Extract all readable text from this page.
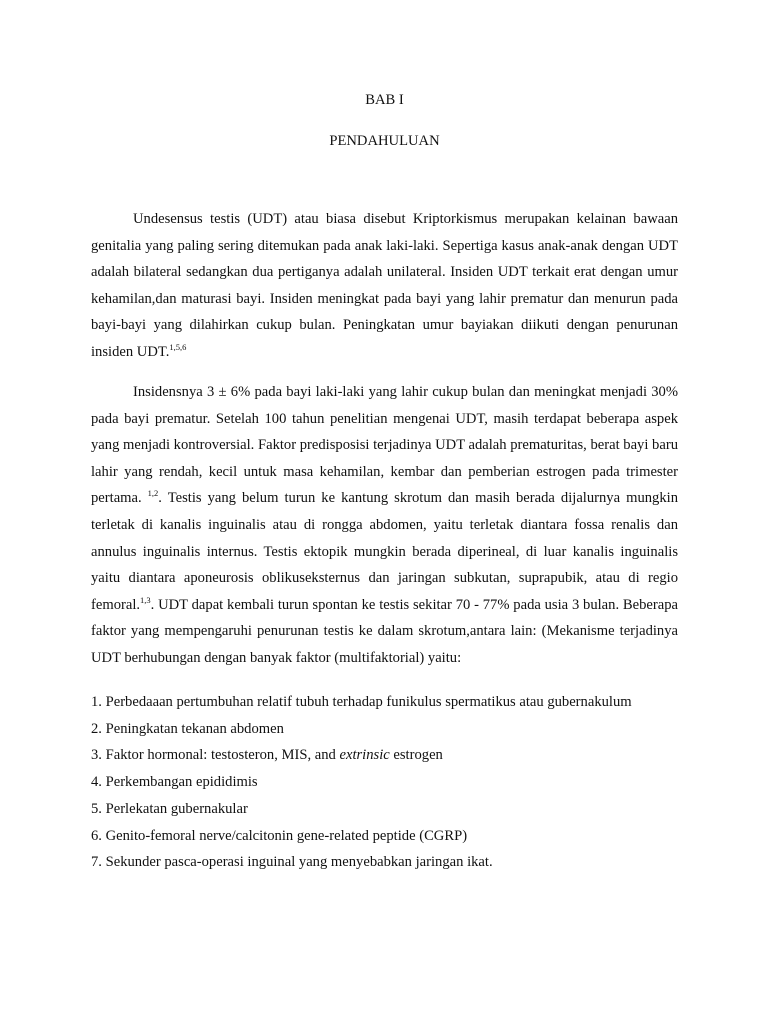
BAB I
PENDAHULUAN

Undesensus testis (UDT) atau biasa disebut Kriptorkismus merupakan kelainan bawaan genitalia yang paling sering ditemukan pada anak laki-laki. Sepertiga kasus anak-anak dengan UDT adalah bilateral sedangkan dua pertiganya adalah unilateral. Insiden UDT terkait erat dengan umur kehamilan,dan maturasi bayi. Insiden meningkat pada bayi yang lahir prematur dan menurun pada bayi-bayi yang dilahirkan cukup bulan. Peningkatan umur bayiakan diikuti dengan penurunan insiden UDT.$^{1,5,6}$

Insidensnya 3 ± 6% pada bayi laki-laki yang lahir cukup bulan dan meningkat menjadi 30% pada bayi prematur. Setelah 100 tahun penelitian mengenai UDT, masih terdapat beberapa aspek yang menjadi kontroversial. Faktor predisposisi terjadinya UDT adalah prematuritas, berat bayi baru lahir yang rendah, kecil untuk masa kehamilan, kembar dan pemberian estrogen pada trimester pertama. $^{1,2}$. Testis yang belum turun ke kantung skrotum dan masih berada dijalurnya mungkin terletak di kanalis inguinalis atau di rongga abdomen, yaitu terletak diantara fossa renalis dan annulus inguinalis internus. Testis ektopik mungkin berada diperineal, di luar kanalis inguinalis yaitu diantara aponeurosis oblikuseksternus dan jaringan subkutan, suprapubik, atau di regio femoral.$^{1,3}$. UDT dapat kembali turun spontan ke testis sekitar 70 - 77% pada usia 3 bulan. Beberapa faktor yang mempengaruhi penurunan testis ke dalam skrotum,antara lain: (Mekanisme terjadinya UDT berhubungan dengan banyak faktor (multifaktorial) yaitu:

1. Perbedaaan pertumbuhan relatif tubuh terhadap funikulus spermatikus atau gubernakulum
2. Peningkatan tekanan abdomen
3. Faktor hormonal: testosteron, MIS, and extrinsic estrogen
4. Perkembangan epididimis
5. Perlekatan gubernakular
6. Genito-femoral nerve/calcitonin gene-related peptide (CGRP)
7. Sekunder pasca-operasi inguinal yang menyebabkan jaringan ikat.
